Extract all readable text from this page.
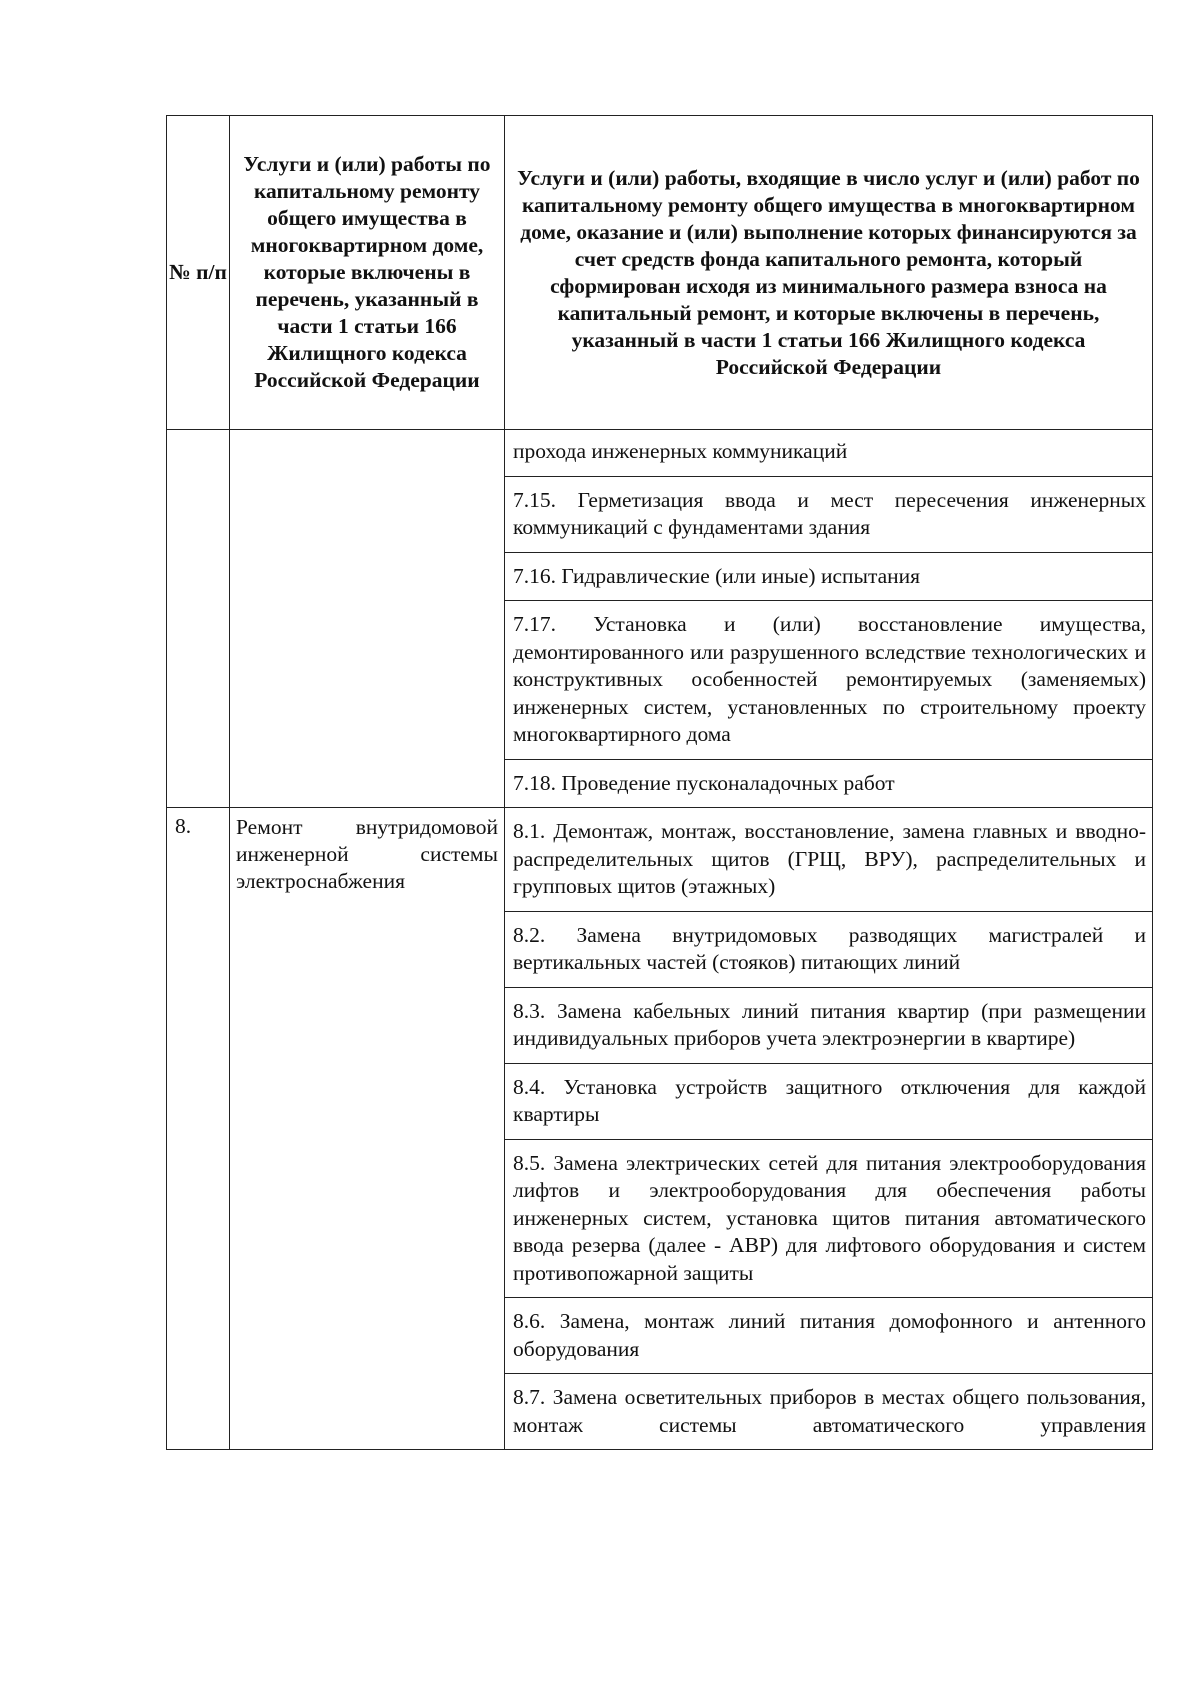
№ п/п	Услуги и (или) работы по капитальному ремонту общего имущества в многоквартирном доме, которые включены в перечень, указанный в части 1 статьи 166 Жилищного кодекса Российской Федерации	Услуги и (или) работы, входящие в число услуг и (или) работ по капитальному ремонту общего имущества в многоквартирном доме, оказание и (или) выполнение которых финансируются за счет средств фонда капитального ремонта, который сформирован исходя из минимального размера взноса на капитальный ремонт, и которые включены в перечень, указанный в части 1 статьи 166 Жилищного кодекса Российской Федерации
		прохода инженерных коммуникаций
		7.15. Герметизация ввода и мест пересечения инженерных коммуникаций с фундаментами здания
		7.16. Гидравлические (или иные) испытания
		7.17. Установка и (или) восстановление имущества, демонтированного или разрушенного вследствие технологических и конструктивных особенностей ремонтируемых (заменяемых) инженерных систем, установленных по строительному проекту многоквартирного дома
		7.18. Проведение пусконаладочных работ
8.	Ремонт внутридомовой инженерной системы электроснабжения	8.1. Демонтаж, монтаж, восстановление, замена главных и вводно-распределительных щитов (ГРЩ, ВРУ), распределительных и групповых щитов (этажных)
		8.2. Замена внутридомовых разводящих магистралей и вертикальных частей (стояков) питающих линий
		8.3. Замена кабельных линий питания квартир (при размещении индивидуальных приборов учета электроэнергии в квартире)
		8.4. Установка устройств защитного отключения для каждой квартиры
		8.5. Замена электрических сетей для питания электрооборудования лифтов и электрооборудования для обеспечения работы инженерных систем, установка щитов питания автоматического ввода резерва (далее - АВР) для лифтового оборудования и систем противопожарной защиты
		8.6. Замена, монтаж линий питания домофонного и антенного оборудования
		8.7. Замена осветительных приборов в местах общего пользования, монтаж системы автоматического управления
